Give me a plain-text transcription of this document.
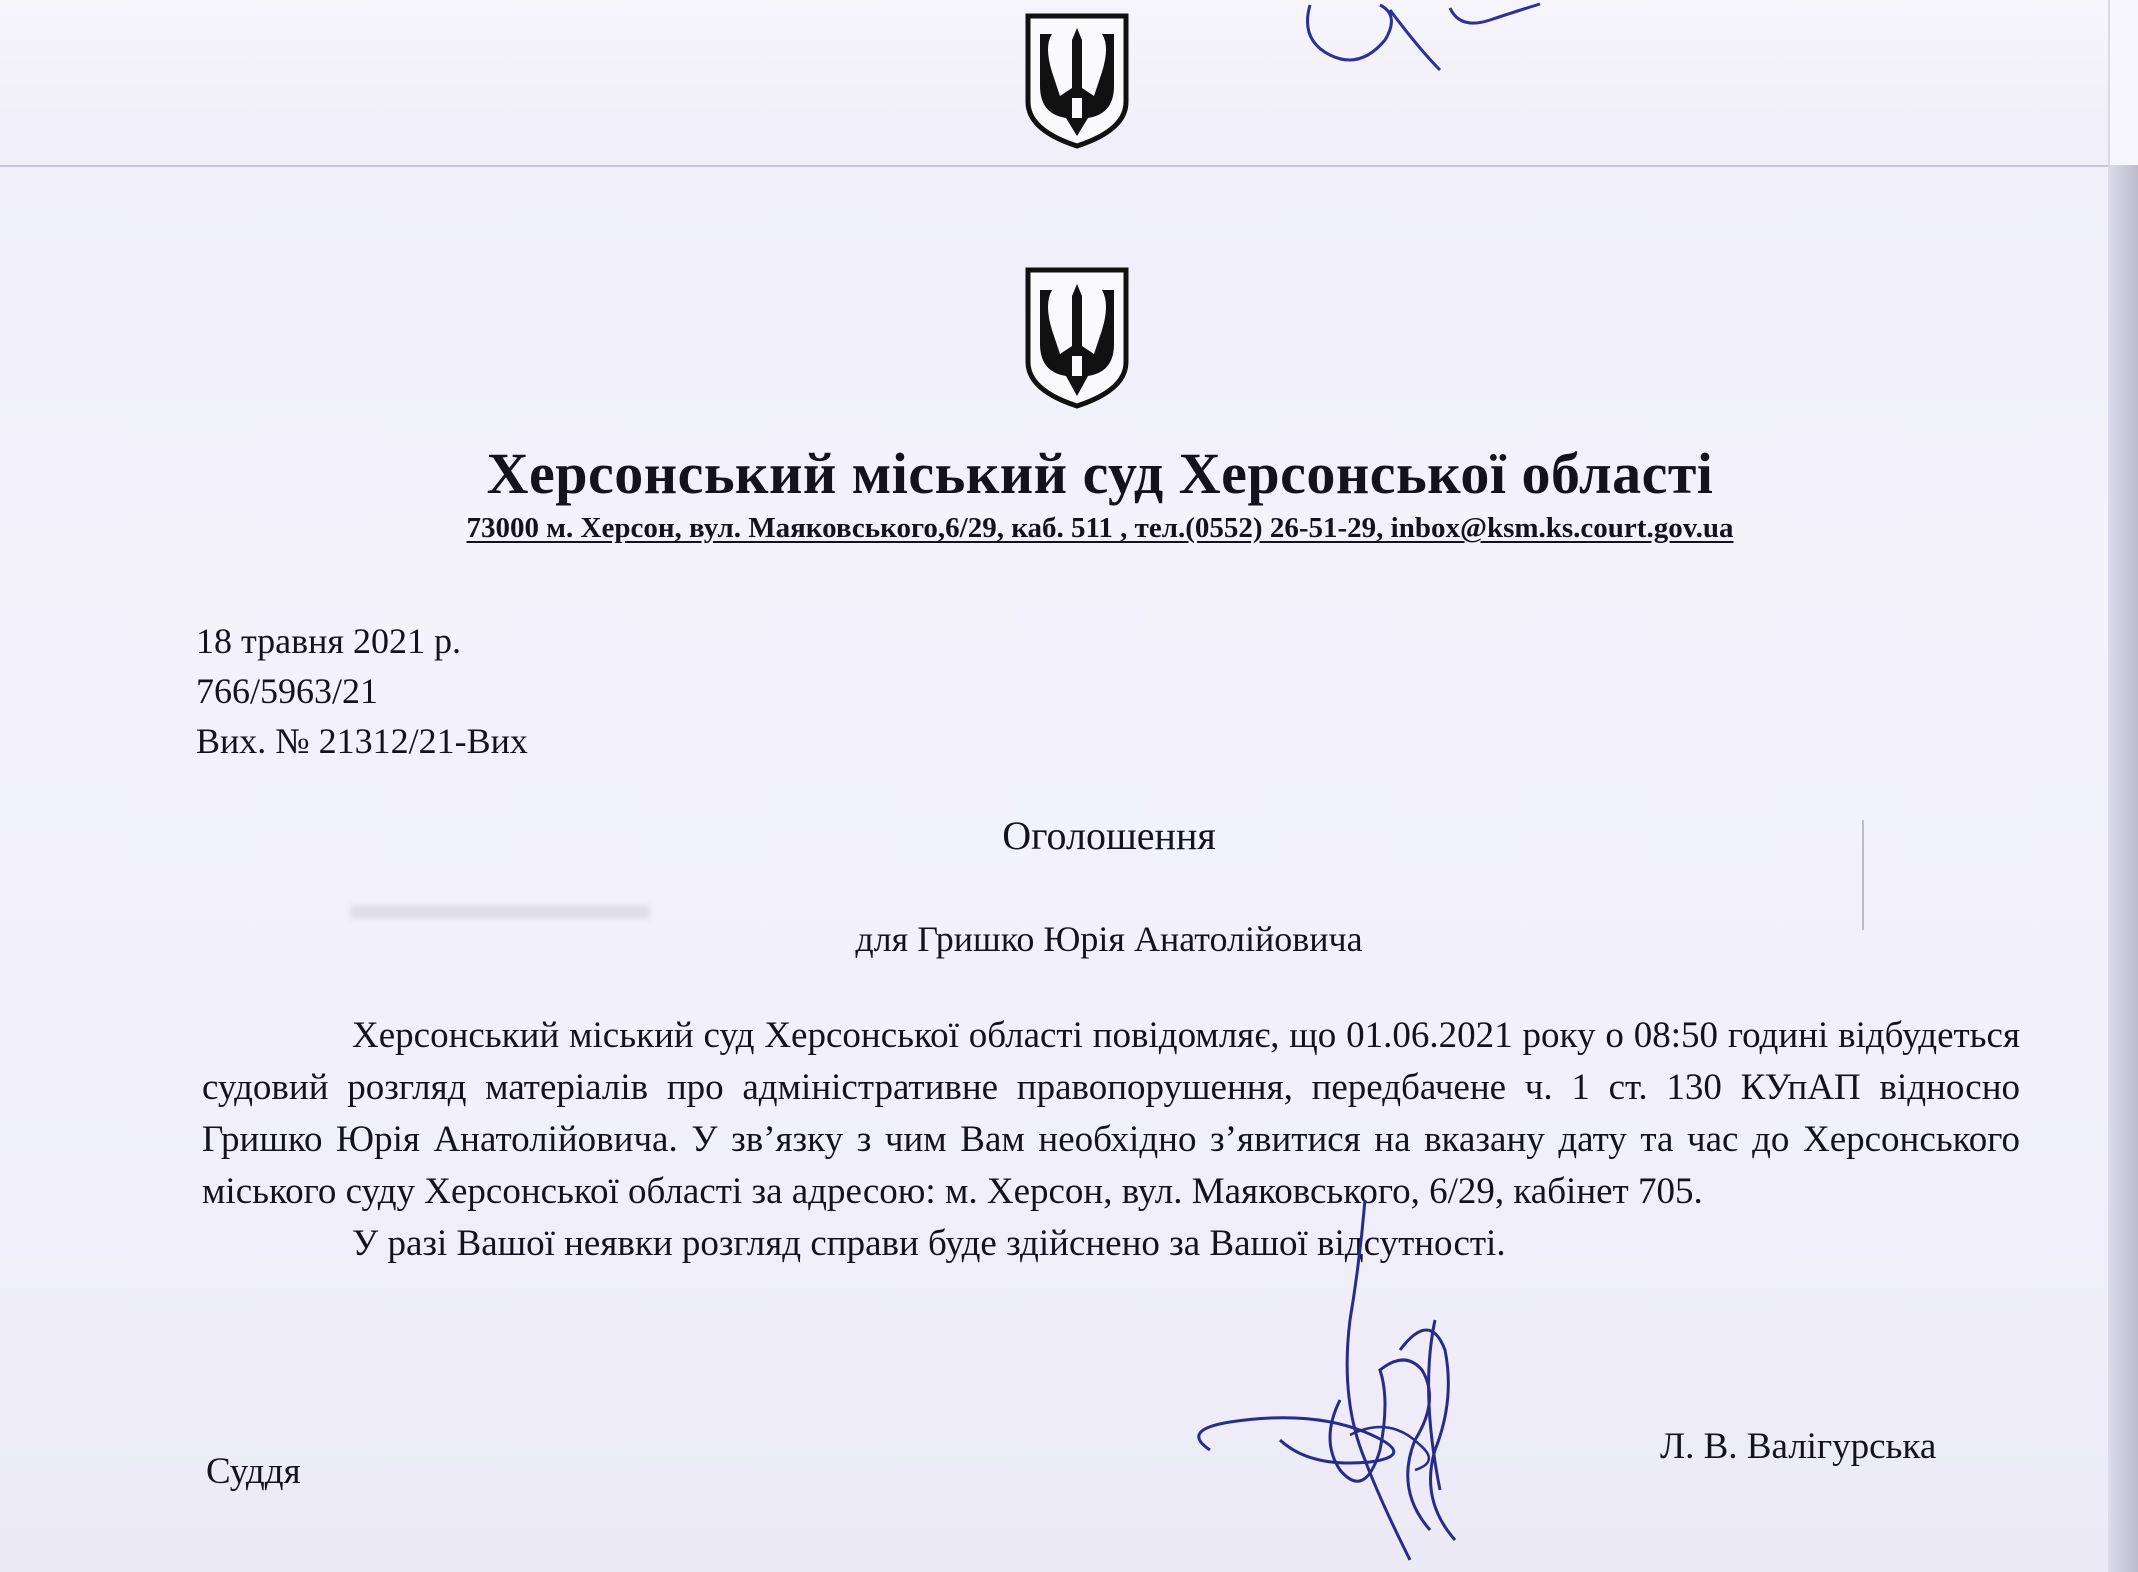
Херсонський міський суд Херсонської області
73000 м. Херсон, вул. Маяковського,6/29, каб. 511 , тел.(0552) 26-51-29, inbox@ksm.ks.court.gov.ua

18 травня 2021 р.
766/5963/21
Вих. № 21312/21-Вих
Оголошення
для Гришко Юрія Анатолійовича

Херсонський міський суд Херсонської області повідомляє, що 01.06.2021 року о 08:50 годині відбудеться судовий розгляд матеріалів про адміністративне правопорушення, передбачене ч. 1 ст. 130 КУпАП відносно Гришко Юрія Анатолійовича. У зв’язку з чим Вам необхідно з’явитися на вказану дату та час до Херсонського міського суду Херсонської області за адресою: м. Херсон, вул. Маяковського, 6/29, кабінет 705.

У разі Вашої неявки розгляд справи буде здійснено за Вашої відсутності.

Суддя
Л. В. Валігурська
